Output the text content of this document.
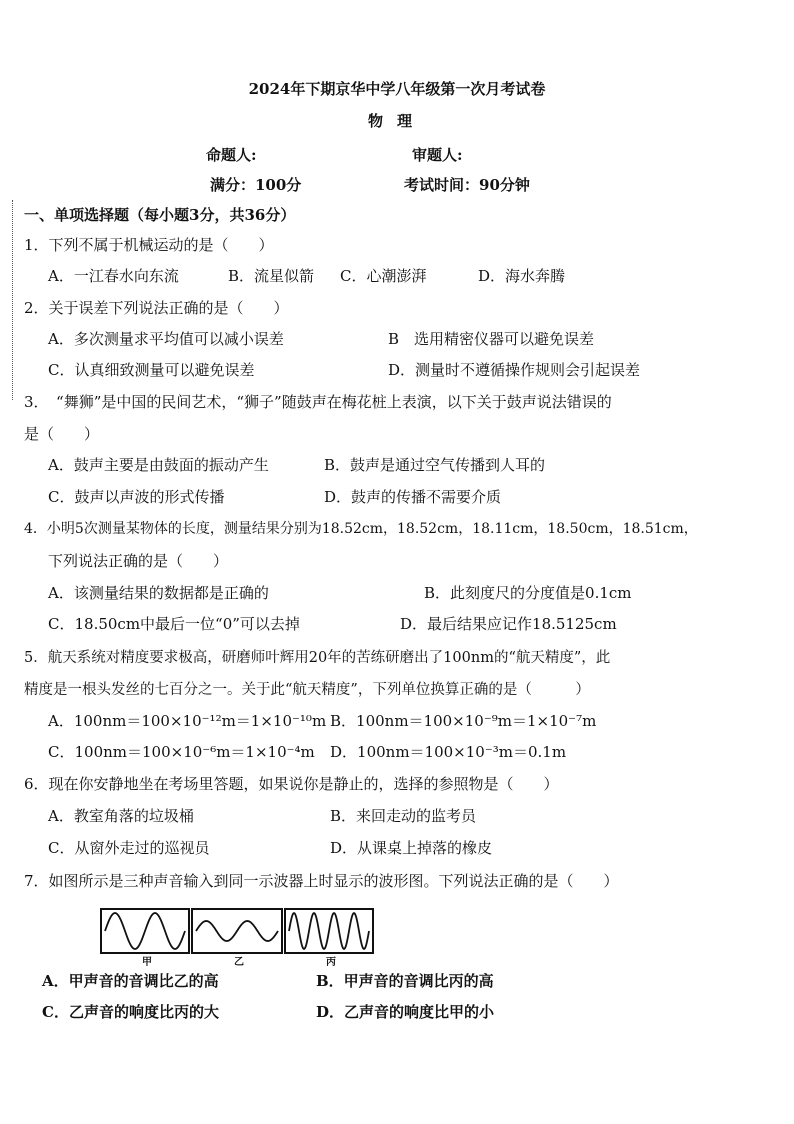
2024年下期京华中学八年级第一次月考试卷
物理
命题人:	审题人:
满分：100分	考试时间：90分钟
一、单项选择题（每小题3分，共36分）
1．下列不属于机械运动的是（　　）
A．一江春水向东流	B．流星似箭 C．心潮澎湃	D．海水奔腾
2．关于误差下列说法正确的是（　　）
A．多次测量求平均值可以减小误差	B　选用精密仪器可以避免误差
C．认真细致测量可以避免误差	D．测量时不遵循操作规则会引起误差
3．　“舞狮”是中国的民间艺术，“狮子”随鼓声在梅花桩上表演，以下关于鼓声说法错误的
是（　　）
A．鼓声主要是由鼓面的振动产生	B．鼓声是通过空气传播到人耳的
C．鼓声以声波的形式传播	D．鼓声的传播不需要介质
4．小明5次测量某物体的长度，测量结果分别为18.52cm，18.52cm，18.11cm，18.50cm，18.51cm，
下列说法正确的是（　　）
A．该测量结果的数据都是正确的	B．此刻度尺的分度值是0.1cm
C．18.50cm中最后一位“0”可以去掉	D．最后结果应记作18.5125cm
5．航天系统对精度要求极高，研磨师叶辉用20年的苦练研磨出了100nm的“航天精度”，此
精度是一根头发丝的七百分之一。关于此“航天精度”，下列单位换算正确的是（　　　）
A．100nm＝100×10⁻¹²m＝1×10⁻¹⁰m B．100nm＝100×10⁻⁹m＝1×10⁻⁷m
C．100nm＝100×10⁻⁶m＝1×10⁻⁴m D．100nm＝100×10⁻³m＝0.1m
6．现在你安静地坐在考场里答题，如果说你是静止的，选择的参照物是（　　）
A．教室角落的垃圾桶	B．来回走动的监考员
C．从窗外走过的巡视员	D．从课桌上掉落的橡皮
7．如图所示是三种声音输入到同一示波器上时显示的波形图。下列说法正确的是（　　）
甲	乙	丙
A．甲声音的音调比乙的高	B．甲声音的音调比丙的高
C．乙声音的响度比丙的大	D．乙声音的响度比甲的小
